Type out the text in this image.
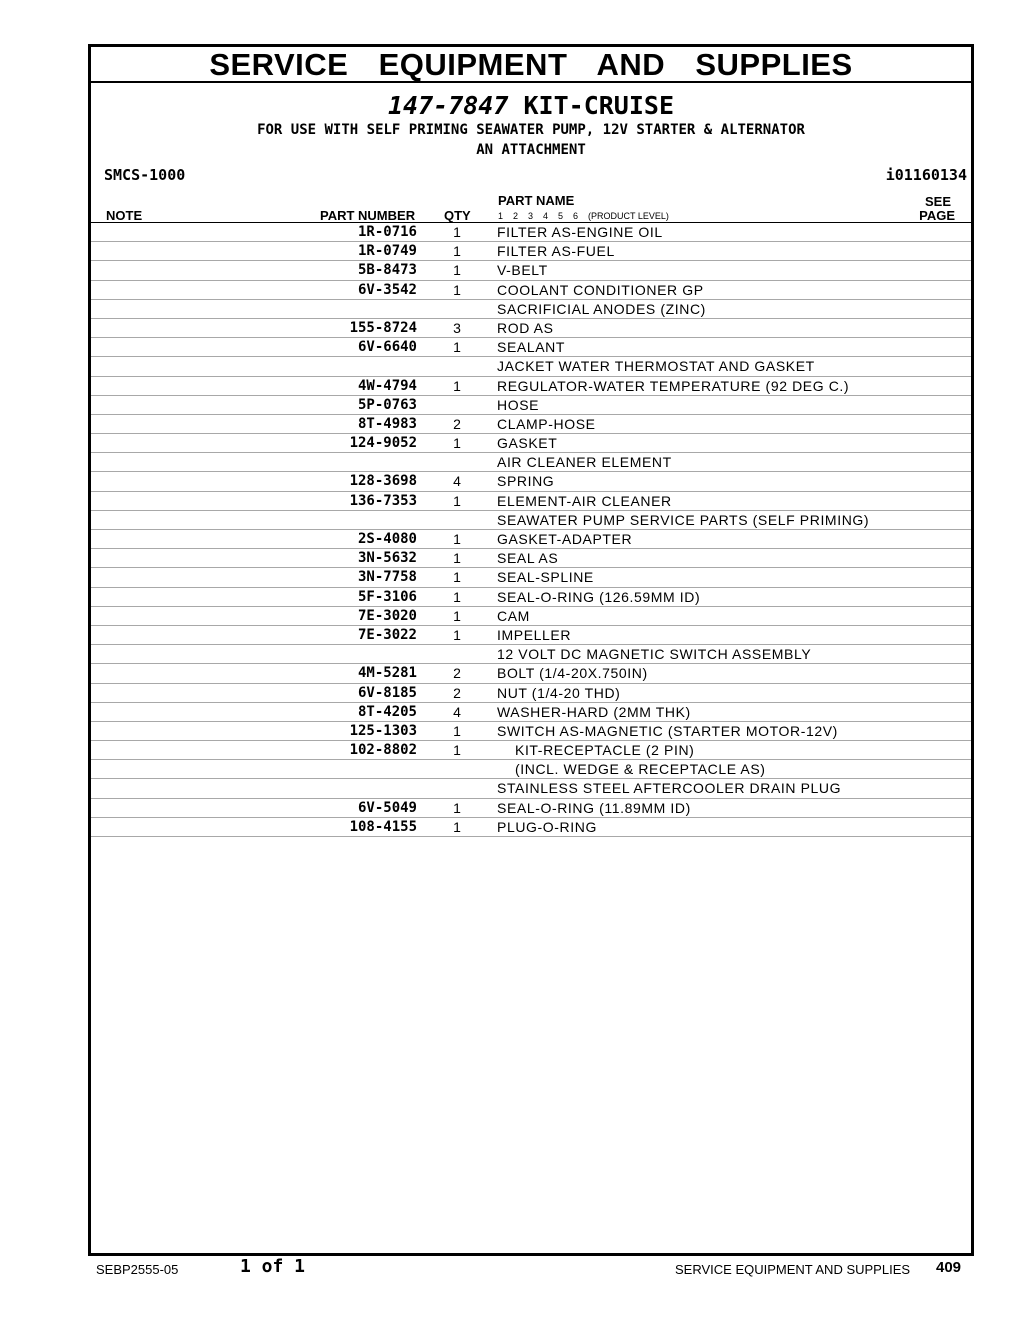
SERVICE  EQUIPMENT  AND  SUPPLIES
147-7847 KIT-CRUISE
FOR USE WITH SELF PRIMING SEAWATER PUMP, 12V STARTER & ALTERNATOR
AN ATTACHMENT
SMCS-1000	i01160134
NOTE	PART NUMBER QTY
PART NAME
1    2    3    4    5    6    (PRODUCT LEVEL)
SEE
PAGE
1R-0716	1	FILTER AS-ENGINE OIL
1R-0749	1	FILTER AS-FUEL
5B-8473	1	V-BELT
6V-3542	1	COOLANT CONDITIONER GP
SACRIFICIAL ANODES (ZINC)
155-8724	3	ROD AS
6V-6640	1	SEALANT
JACKET WATER THERMOSTAT AND GASKET
4W-4794	1	REGULATOR-WATER TEMPERATURE (92 DEG C.)
5P-0763	HOSE
8T-4983	2	CLAMP-HOSE
124-9052	1	GASKET
AIR CLEANER ELEMENT
128-3698	4	SPRING
136-7353	1	ELEMENT-AIR CLEANER
SEAWATER PUMP SERVICE PARTS (SELF PRIMING)
2S-4080	1	GASKET-ADAPTER
3N-5632	1	SEAL AS
3N-7758	1	SEAL-SPLINE
5F-3106	1	SEAL-O-RING (126.59MM ID)
7E-3020	1	CAM
7E-3022	1	IMPELLER
12 VOLT DC MAGNETIC SWITCH ASSEMBLY
4M-5281	2	BOLT (1/4-20X.750IN)
6V-8185	2	NUT (1/4-20 THD)
8T-4205	4	WASHER-HARD (2MM THK)
125-1303	1	SWITCH AS-MAGNETIC (STARTER MOTOR-12V)
102-8802	1	KIT-RECEPTACLE (2 PIN)
(INCL. WEDGE & RECEPTACLE AS)
STAINLESS STEEL AFTERCOOLER DRAIN PLUG
6V-5049	1	SEAL-O-RING (11.89MM ID)
108-4155	1	PLUG-O-RING
SEBP2555-05	1 of 1	SERVICE EQUIPMENT AND SUPPLIES 409
